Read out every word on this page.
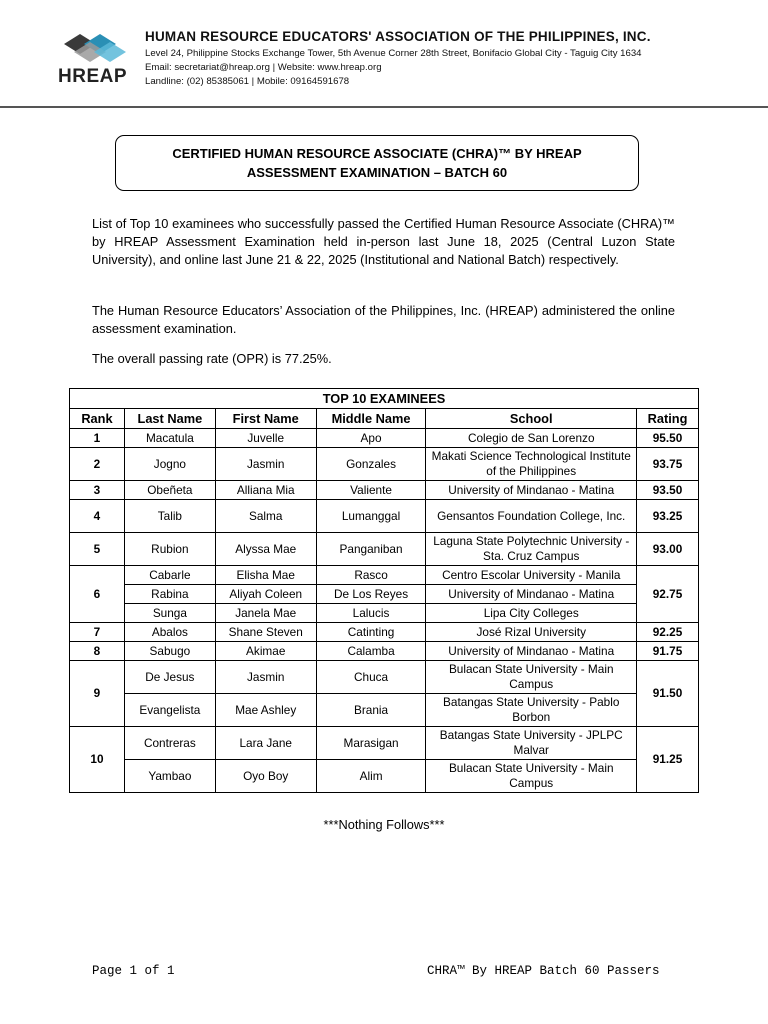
HREAP
HUMAN RESOURCE EDUCATORS' ASSOCIATION OF THE PHILIPPINES, INC.
Level 24, Philippine Stocks Exchange Tower, 5th Avenue Corner 28th Street, Bonifacio Global City - Taguig City 1634
Email: secretariat@hreap.org | Website: www.hreap.org
Landline: (02) 85385061 | Mobile: 09164591678
CERTIFIED HUMAN RESOURCE ASSOCIATE (CHRA)™ BY HREAP
ASSESSMENT EXAMINATION – BATCH 60
List of Top 10 examinees who successfully passed the Certified Human Resource Associate (CHRA)™ by HREAP Assessment Examination held in-person last June 18, 2025 (Central Luzon State University), and online last June 21 & 22, 2025 (Institutional and National Batch) respectively.
The Human Resource Educators’ Association of the Philippines, Inc. (HREAP) administered the online assessment examination.
The overall passing rate (OPR) is 77.25%.
TOP 10 EXAMINEES					
Rank	Last Name	First Name	Middle Name	School	Rating
1	Macatula	Juvelle	Apo	Colegio de San Lorenzo	95.50
2	Jogno	Jasmin	Gonzales	Makati Science Technological Institute of the Philippines	93.75
3	Obeñeta	Alliana Mia	Valiente	University of Mindanao - Matina	93.50
4	Talib	Salma	Lumanggal	Gensantos Foundation College, Inc.	93.25
5	Rubion	Alyssa Mae	Panganiban	Laguna State Polytechnic University - Sta. Cruz Campus	93.00
6	Cabarle	Elisha Mae	Rasco	Centro Escolar University - Manila	92.75
	Rabina	Aliyah Coleen	De Los Reyes	University of Mindanao - Matina	
	Sunga	Janela Mae	Lalucis	Lipa City Colleges	
7	Abalos	Shane Steven	Catinting	José Rizal University	92.25
8	Sabugo	Akimae	Calamba	University of Mindanao - Matina	91.75
9	De Jesus	Jasmin	Chuca	Bulacan State University - Main Campus	91.50
	Evangelista	Mae Ashley	Brania	Batangas State University - Pablo Borbon	
10	Contreras	Lara Jane	Marasigan	Batangas State University - JPLPC Malvar	91.25
	Yambao	Oyo Boy	Alim	Bulacan State University - Main Campus	
***Nothing Follows***
Page 1 of 1	CHRA™ By HREAP Batch 60 Passers
